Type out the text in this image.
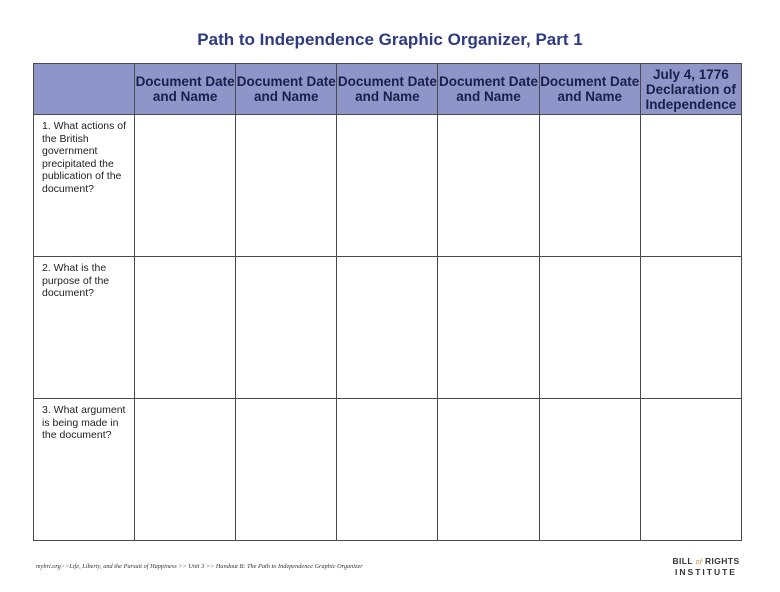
Path to Independence Graphic Organizer, Part 1
	Document Date and Name	Document Date and Name	Document Date and Name	Document Date and Name	Document Date and Name	July 4, 1776 Declaration of Independence
1. What actions of the British government precipitated the publication of the document?						
2. What is the purpose of the document?						
3. What argument is being made in the document?						
mybri.org>>Life, Liberty, and the Pursuit of Happiness >> Unit 3 >> Handout B: The Path to Independence Graphic Organizer
BILL of RIGHTS
INSTITUTE
